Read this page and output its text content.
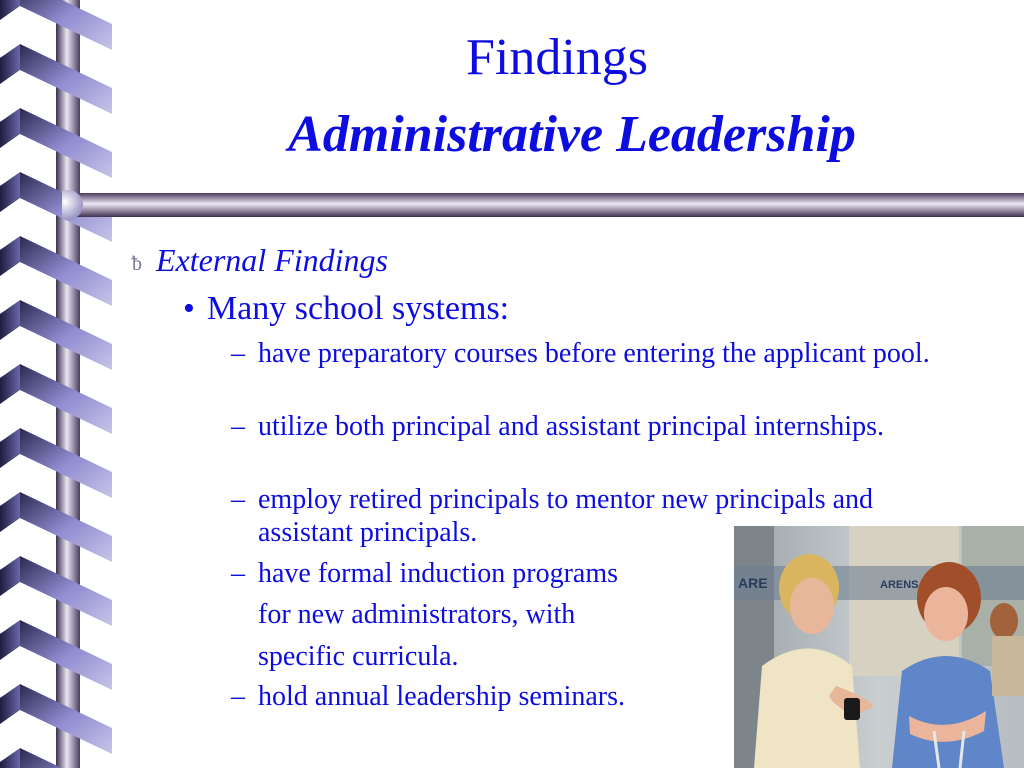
Findings
Administrative Leadership
ᵬ External Findings
• Many school systems:
– have preparatory courses before entering the applicant pool.
– utilize both principal and assistant principal internships.
– employ retired principals to mentor new principals and assistant principals.
– have formal induction programs
for new administrators, with
specific curricula.
– hold annual leadership seminars.
ARE	ARENS
